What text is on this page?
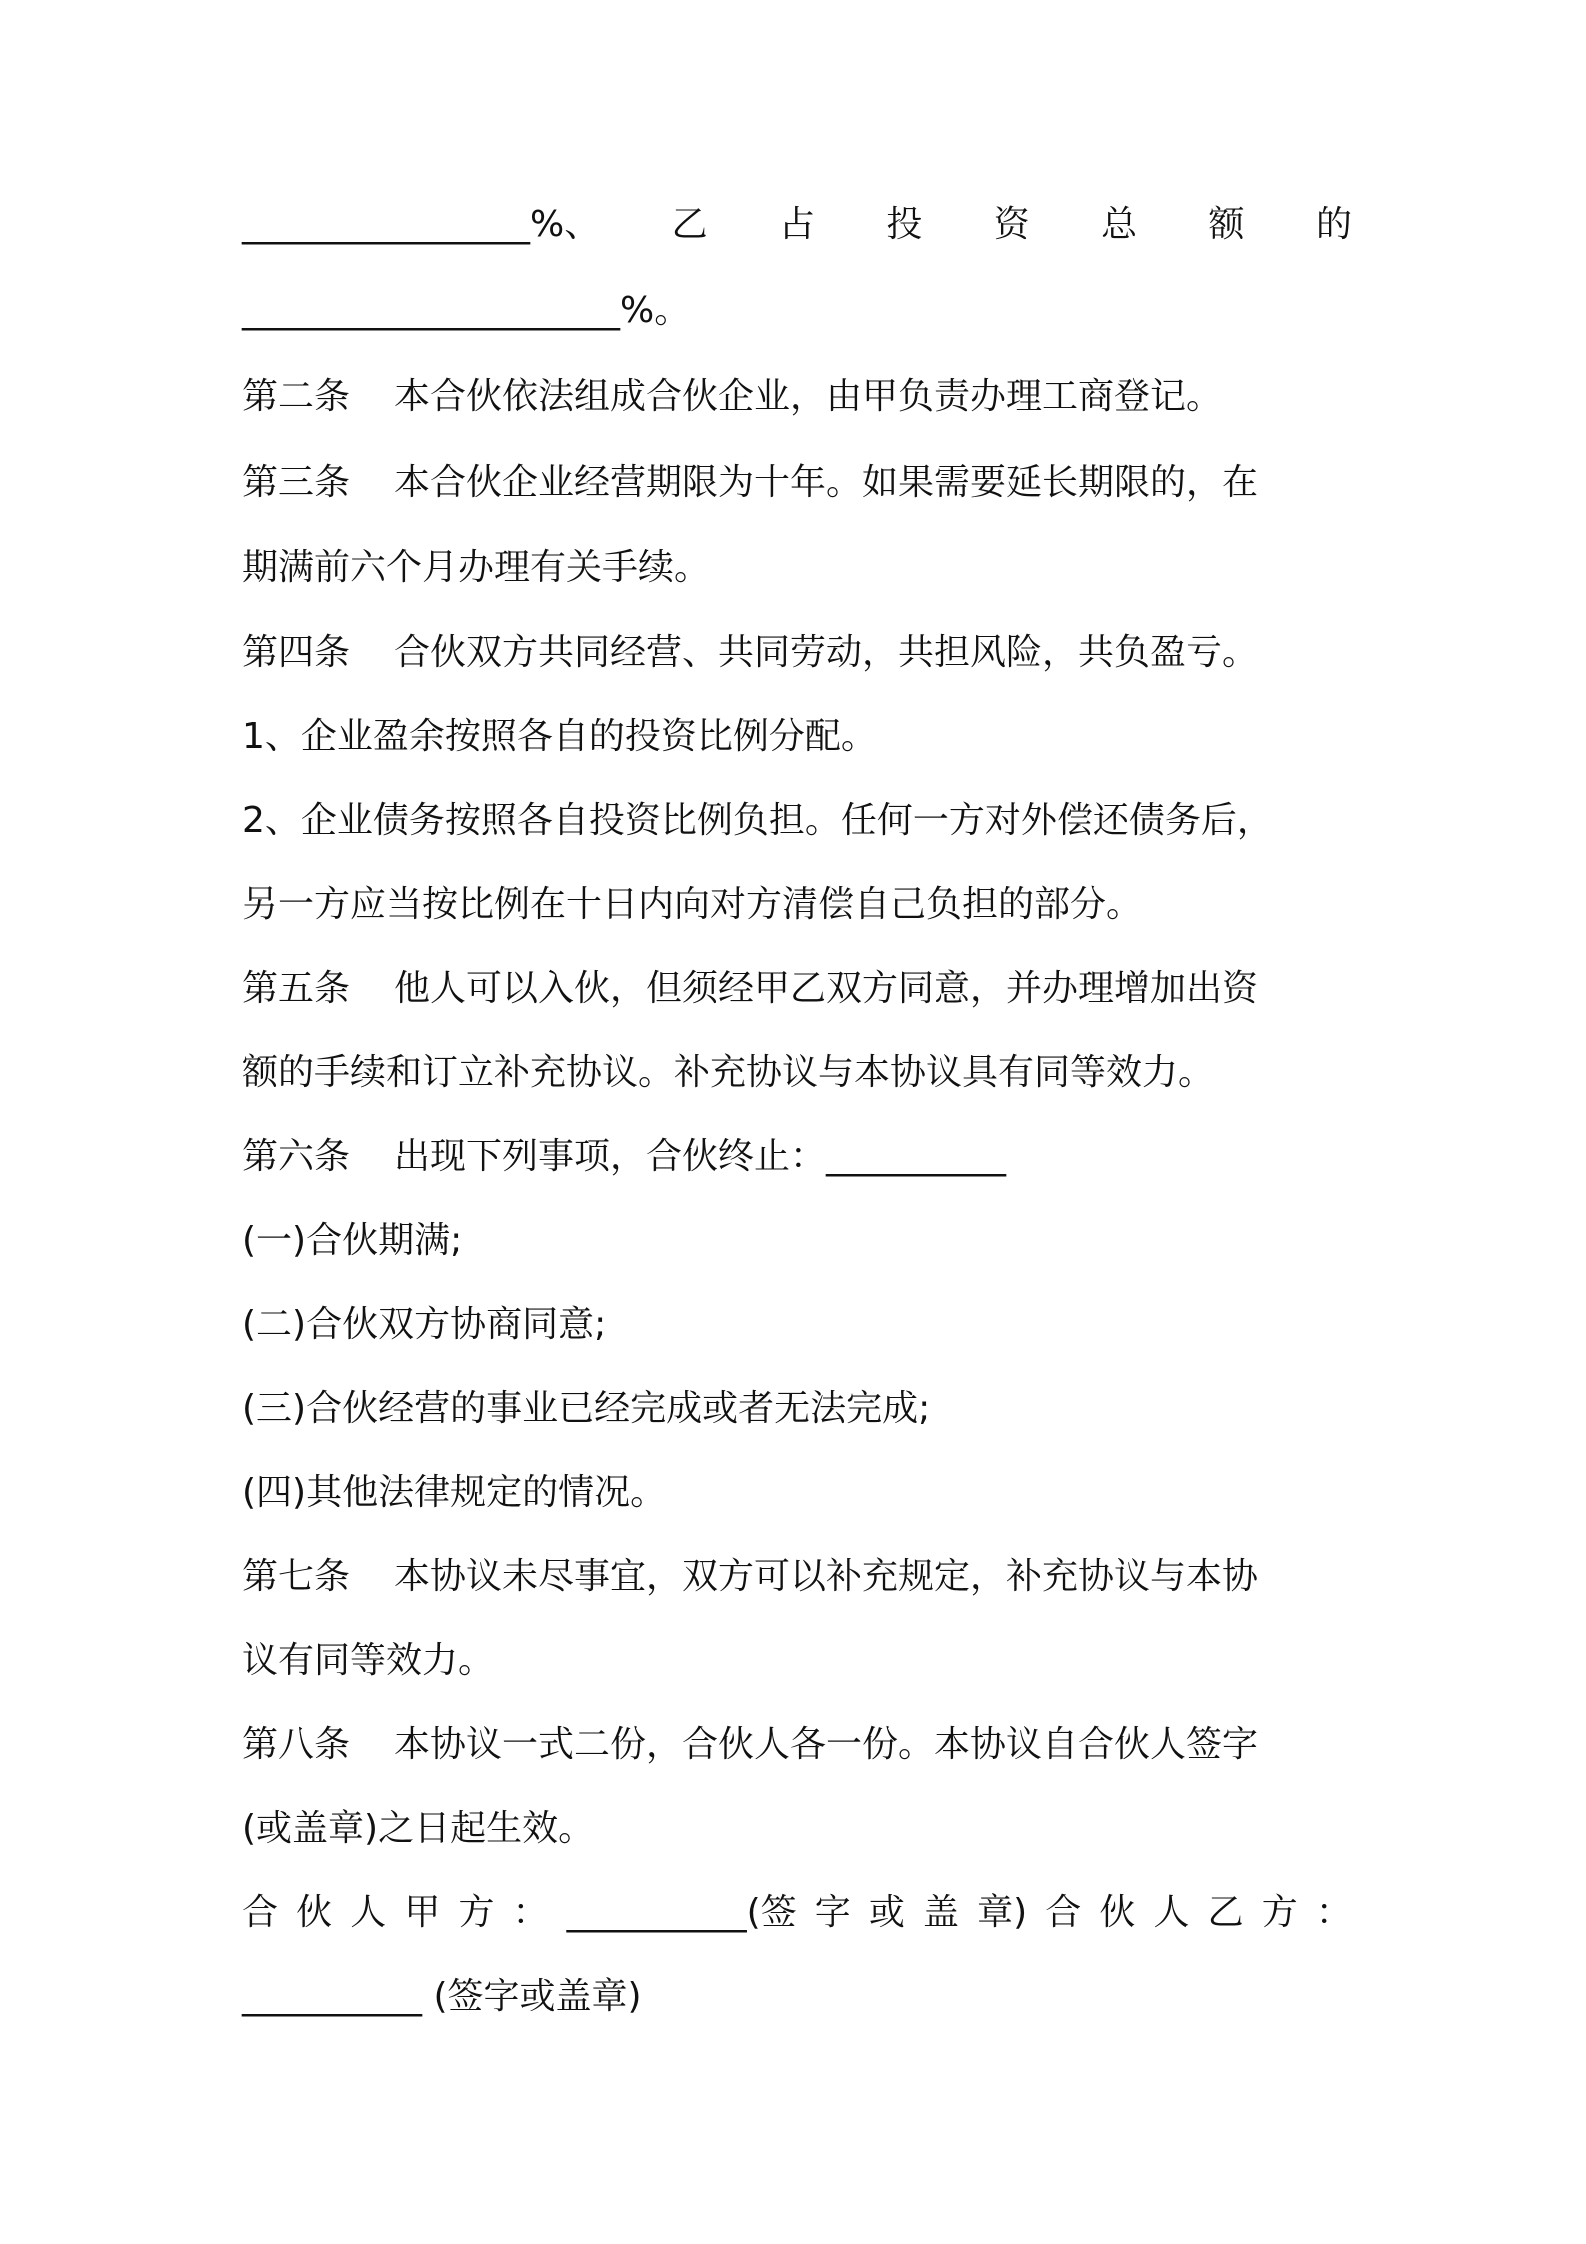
________________%、 乙 占 投 资 总 额 的
_____________________%。
第二条 本合伙依法组成合伙企业，由甲负责办理工商登记。
第三条 本合伙企业经营期限为十年。如果需要延长期限的，在
期满前六个月办理有关手续。
第四条 合伙双方共同经营、共同劳动，共担风险，共负盈亏。
1、企业盈余按照各自的投资比例分配。
2、企业债务按照各自投资比例负担。任何一方对外偿还债务后，
另一方应当按比例在十日内向对方清偿自己负担的部分。
第五条 他人可以入伙，但须经甲乙双方同意，并办理增加出资
额的手续和订立补充协议。补充协议与本协议具有同等效力。
第六条 出现下列事项，合伙终止：__________
(一)合伙期满;
(二)合伙双方协商同意;
(三)合伙经营的事业已经完成或者无法完成;
(四)其他法律规定的情况。
第七条 本协议未尽事宜，双方可以补充规定，补充协议与本协
议有同等效力。
第八条 本协议一式二份，合伙人各一份。本协议自合伙人签字
(或盖章)之日起生效。
合 伙 人 甲 方 ： __________(签 字 或 盖 章) 合 伙 人 乙 方 ：
__________ (签字或盖章)
